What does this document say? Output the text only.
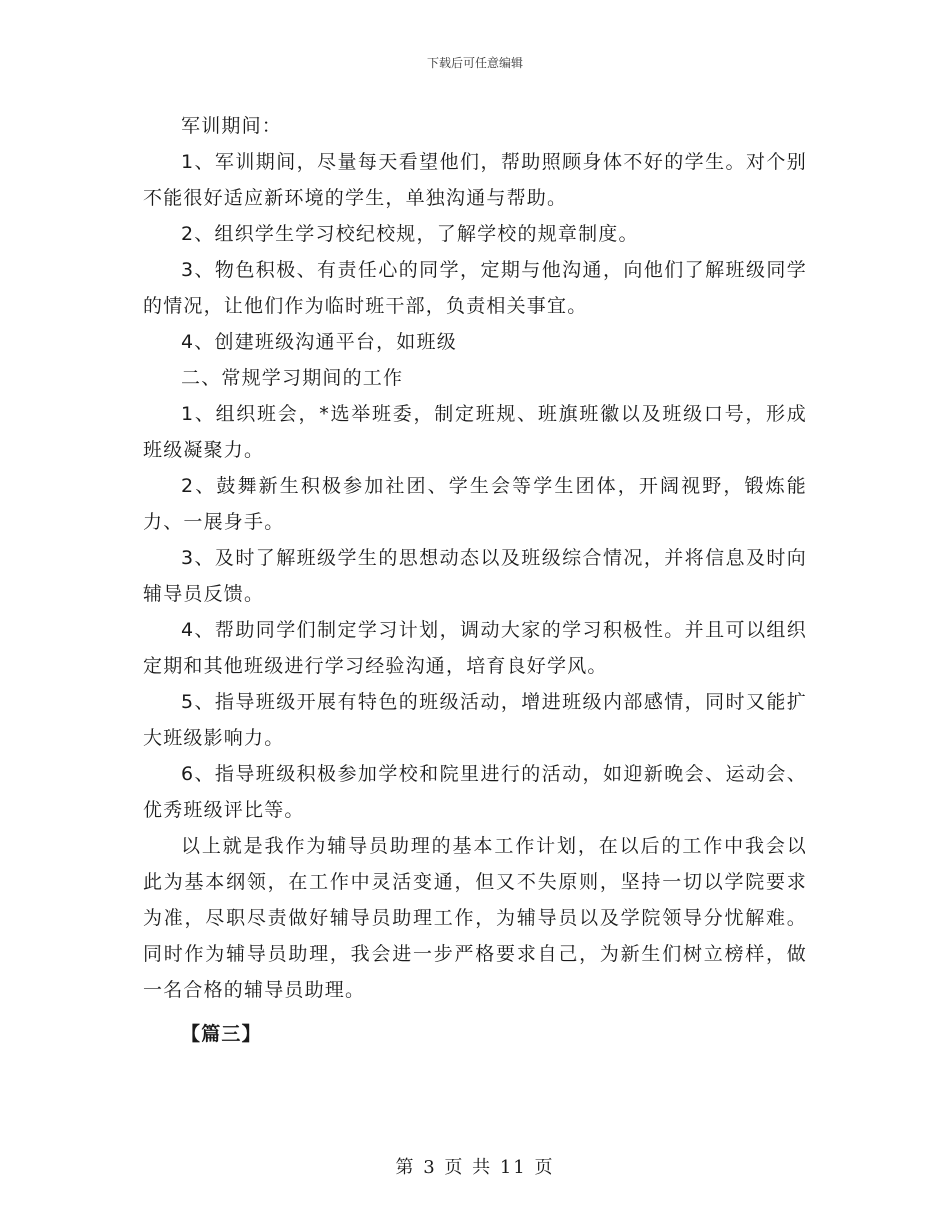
下载后可任意编辑

军训期间：

1、军训期间，尽量每天看望他们，帮助照顾身体不好的学生。对个别不能很好适应新环境的学生，单独沟通与帮助。

2、组织学生学习校纪校规，了解学校的规章制度。

3、物色积极、有责任心的同学，定期与他沟通，向他们了解班级同学的情况，让他们作为临时班干部，负责相关事宜。

4、创建班级沟通平台，如班级

二、常规学习期间的工作

1、组织班会，*选举班委，制定班规、班旗班徽以及班级口号，形成班级凝聚力。

2、鼓舞新生积极参加社团、学生会等学生团体，开阔视野，锻炼能力、一展身手。

3、及时了解班级学生的思想动态以及班级综合情况，并将信息及时向辅导员反馈。

4、帮助同学们制定学习计划，调动大家的学习积极性。并且可以组织定期和其他班级进行学习经验沟通，培育良好学风。

5、指导班级开展有特色的班级活动，增进班级内部感情，同时又能扩大班级影响力。

6、指导班级积极参加学校和院里进行的活动，如迎新晚会、运动会、优秀班级评比等。

以上就是我作为辅导员助理的基本工作计划，在以后的工作中我会以此为基本纲领，在工作中灵活变通，但又不失原则，坚持一切以学院要求为准，尽职尽责做好辅导员助理工作，为辅导员以及学院领导分忧解难。同时作为辅导员助理，我会进一步严格要求自己，为新生们树立榜样，做一名合格的辅导员助理。

【篇三】

第 3 页 共 11 页
